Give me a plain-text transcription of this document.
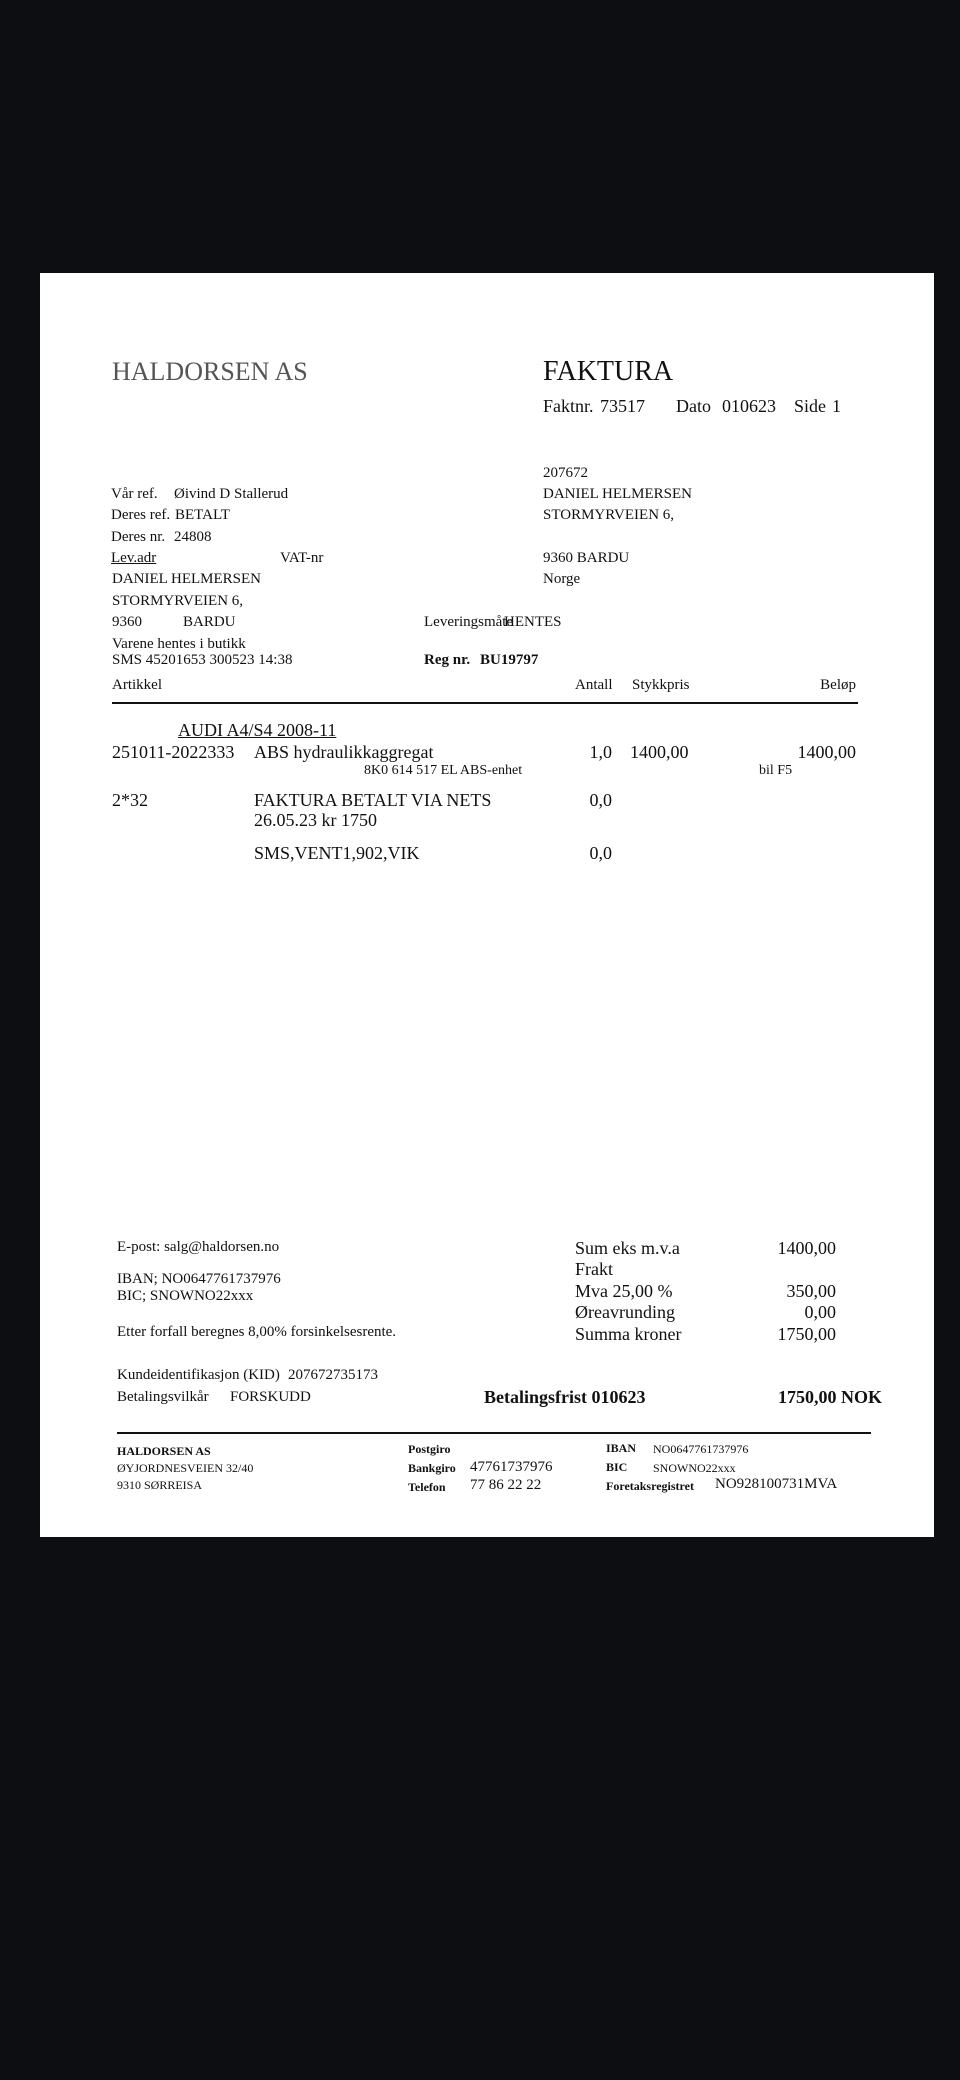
HALDORSEN AS	FAKTURA
Faktnr. 73517 Dato 010623 Side 1
207672
DANIEL HELMERSEN
STORMYRVEIEN 6,
9360 BARDU
Norge
Vår ref. Øivind D Stallerud
Deres ref. BETALT
Deres nr. 24808
Lev.adr	VAT-nr
DANIEL HELMERSEN
STORMYRVEIEN 6,
9360	BARDU	Leveringsmåte
HENTES
Varene hentes i butikk
SMS 45201653 300523 14:38	Reg nr. BU19797
Artikkel	Antall Stykkpris	Beløp
AUDI A4/S4 2008-11
251011-2022333 ABS hydraulikkaggregat	1,0 1400,00	1400,00
8K0 614 517 EL ABS-enhet	bil F5
2*32	FAKTURA BETALT VIA NETS	0,0
26.05.23 kr 1750
SMS,VENT1,902,VIK	0,0
E-post: salg@haldorsen.no
IBAN; NO0647761737976
BIC; SNOWNO22xxx
Etter forfall beregnes 8,00% forsinkelsesrente.
Kundeidentifikasjon (KID) 207672735173
Betalingsvilkår FORSKUDD
Sum eks m.v.a	1400,00
Frakt
Mva 25,00 %	350,00
Øreavrunding	0,00
Summa kroner	1750,00
Betalingsfrist 010623	1750,00 NOK
HALDORSEN AS
ØYJORDNESVEIEN 32/40
9310 SØRREISA
Postgiro
Bankgiro 47761737976
Telefon 77 86 22 22
IBAN NO0647761737976
BIC SNOWNO22xxx
Foretaksregistret NO928100731MVA
